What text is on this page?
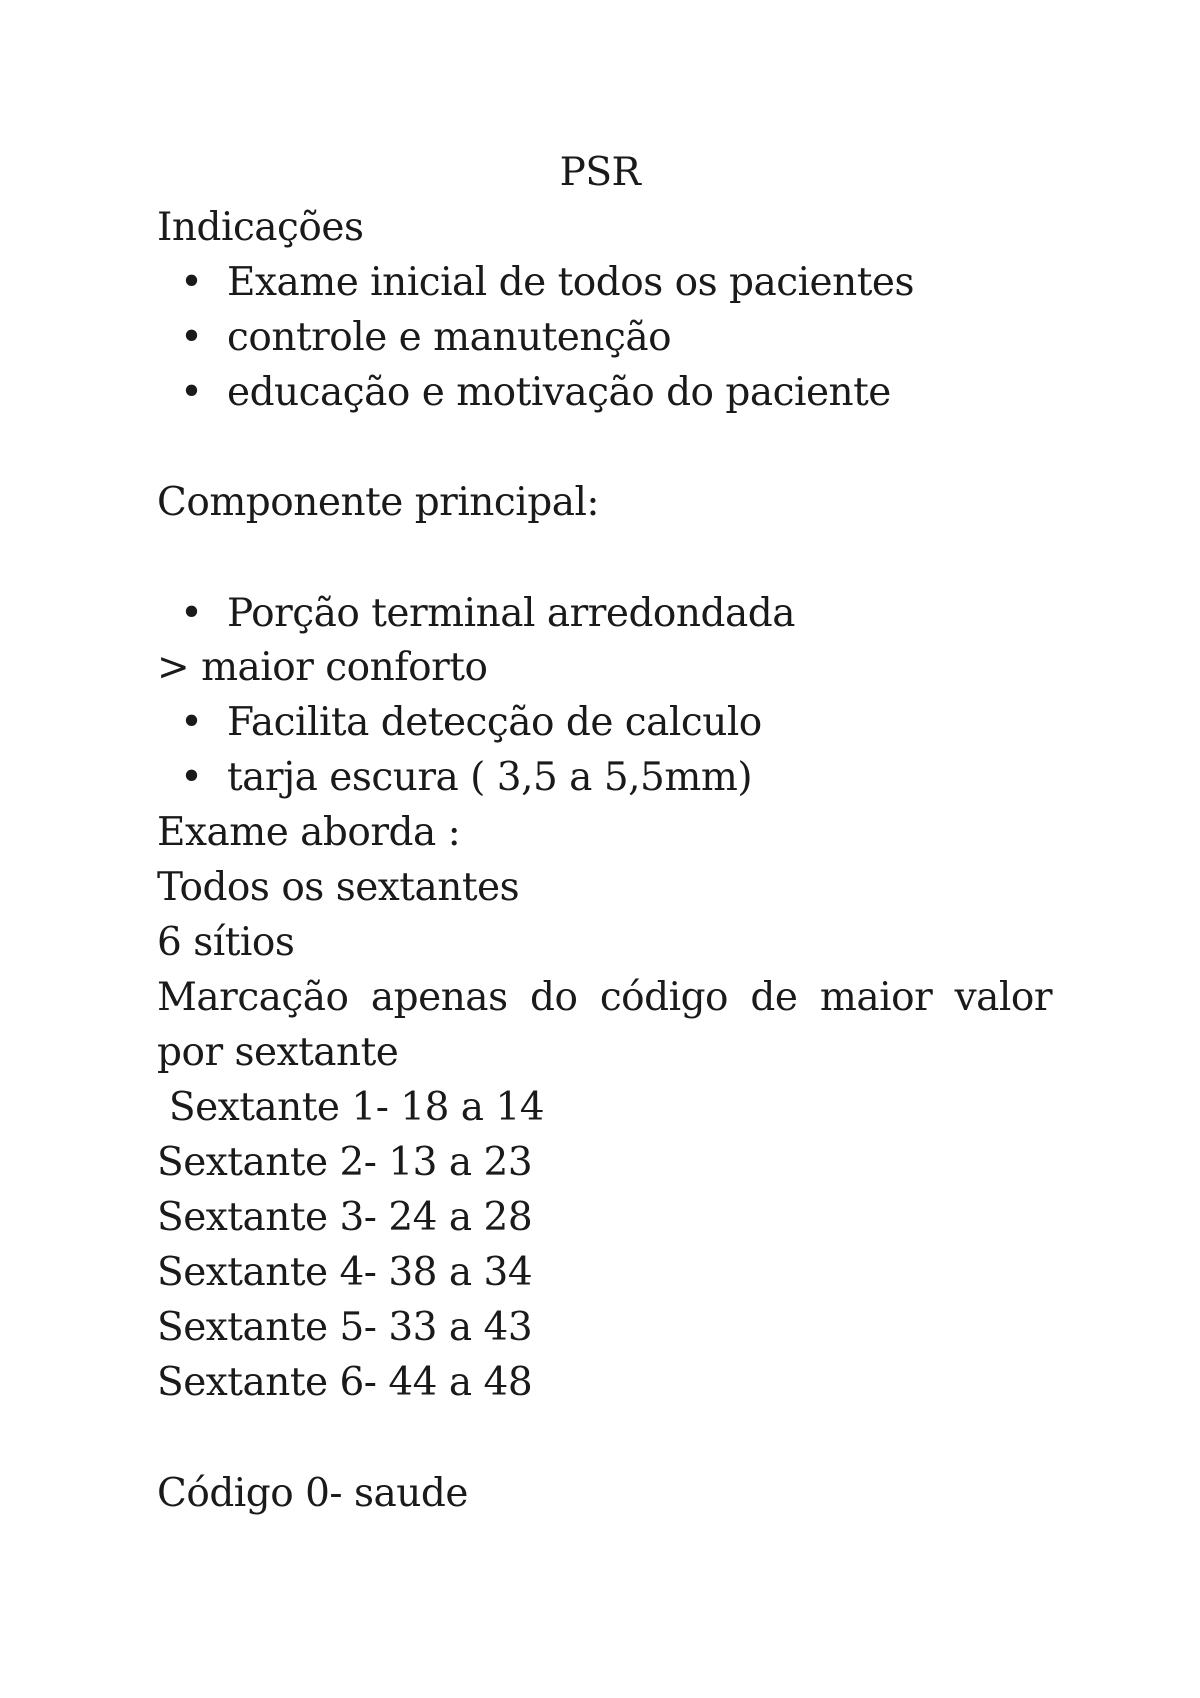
PSR
Indicações
• Exame inicial de todos os pacientes
• controle e manutenção
• educação e motivação do paciente
Componente principal:
• Porção terminal arredondada
> maior conforto
• Facilita detecção de calculo
• tarja escura ( 3,5 a 5,5mm)
Exame aborda :
Todos os sextantes
6 sítios
Marcação apenas do código de maior valor
por sextante
Sextante 1- 18 a 14
Sextante 2- 13 a 23
Sextante 3- 24 a 28
Sextante 4- 38 a 34
Sextante 5- 33 a 43
Sextante 6- 44 a 48
Código 0- saude
